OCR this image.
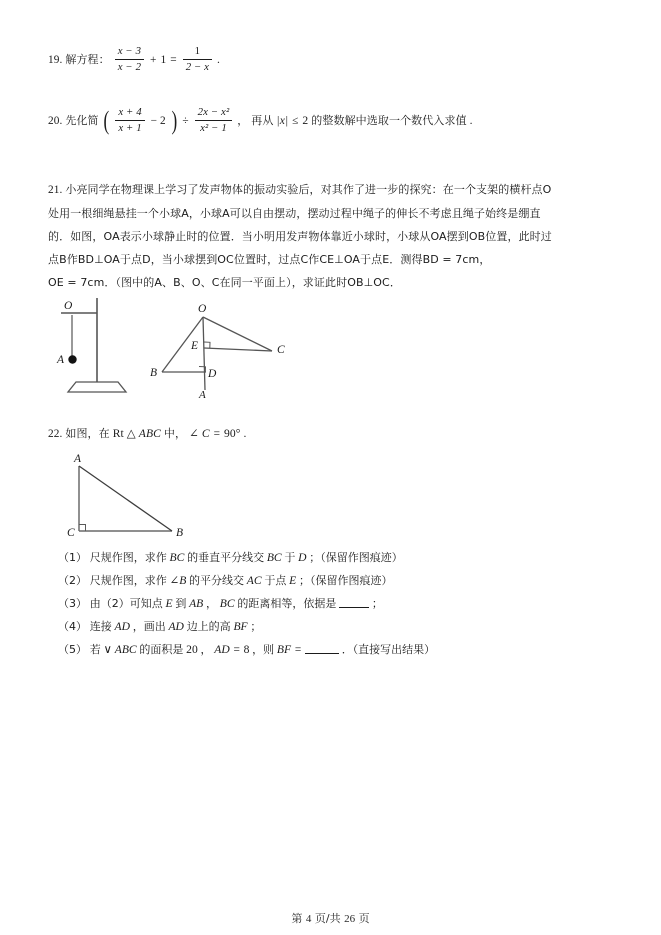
19. 解方程： $\frac{x - 3}{x - 2} + 1 = \frac{1}{2 - x}$ .
20. 先化简 ( $\frac{x + 4}{x + 1} - 2$ ) ÷ $\frac{\text{2x − x²}}{\text{x² − 1}}$ ， 再从 |x| ≤ 2 的整数解中选取一个数代入求值 .
21. 小亮同学在物理课上学习了发声物体的振动实验后，对其作了进一步的探究：在一个支架的横杆点O
处用一根细绳悬挂一个小球A，小球A可以自由摆动，摆动过程中绳子的伸长不考虑且绳子始终是绷直
的．如图，OA表示小球静止时的位置．当小明用发声物体靠近小球时，小球从OA摆到OB位置，此时过
点B作BD⊥OA于点D，当小球摆到OC位置时，过点C作CE⊥OA于点E．测得BD = 7cm，
OE = 7cm．（图中的A、B、O、C在同一平面上），求证此时OB⊥OC．
O
A
O
A
B
C
D
E
22. 如图，在 Rt △ ABC 中， ∠ C = 90° .
A
C	B
（1） 尺规作图，求作 BC 的垂直平分线交 BC 于 D ；（保留作图痕迹）
（2） 尺规作图，求作 ∠B 的平分线交 AC 于点 E ；（保留作图痕迹）
（3） 由（2）可知点 E 到 AB ， BC 的距离相等，依据是	；
（4） 连接 AD ，画出 AD 边上的高 BF ；
（5） 若 ∨ ABC 的面积是 20 ， AD = 8 ，则 BF =	．（直接写出结果）
第 4 页/共 26 页
